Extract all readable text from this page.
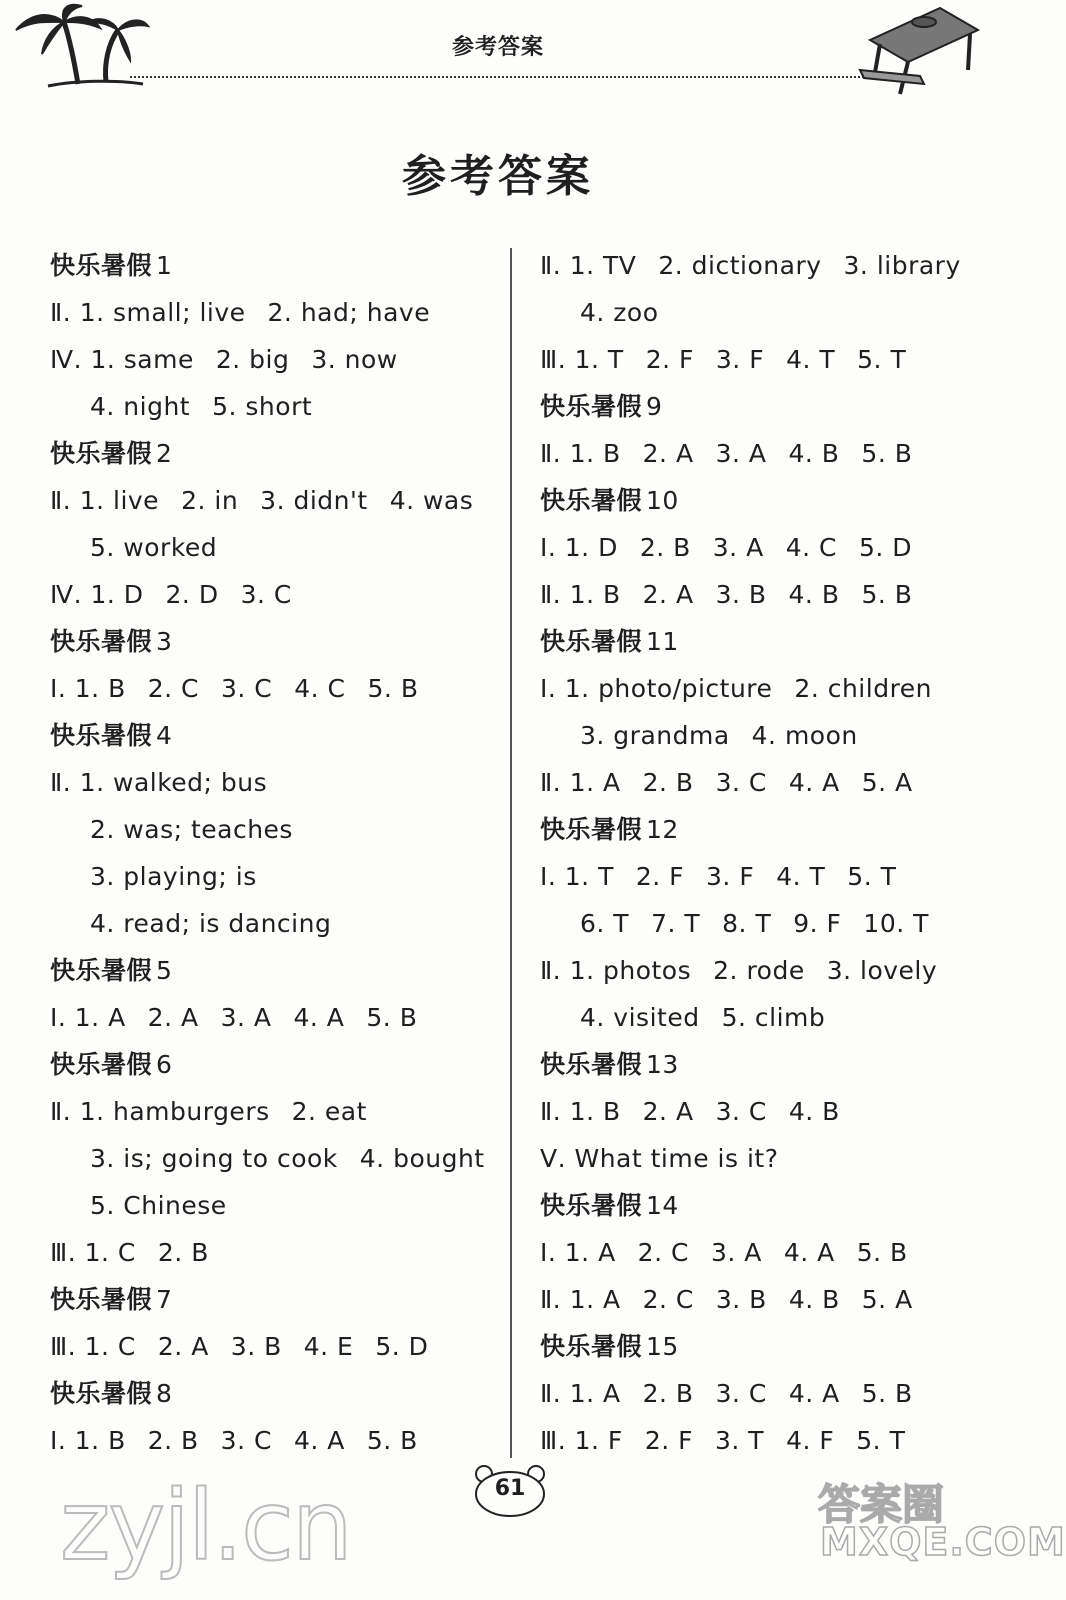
参考答案
参考答案
快乐暑假 1
Ⅱ. 1. small; live 2. had; have
Ⅳ. 1. same 2. big 3. now
4. night 5. short
快乐暑假 2
Ⅱ. 1. live 2. in 3. didn't 4. was
5. worked
Ⅳ. 1. D 2. D 3. C
快乐暑假 3
Ⅰ. 1. B 2. C 3. C 4. C 5. B
快乐暑假 4
Ⅱ. 1. walked; bus
2. was; teaches
3. playing; is
4. read; is dancing
快乐暑假 5
Ⅰ. 1. A 2. A 3. A 4. A 5. B
快乐暑假 6
Ⅱ. 1. hamburgers 2. eat
3. is; going to cook 4. bought
5. Chinese
Ⅲ. 1. C 2. B
快乐暑假 7
Ⅲ. 1. C 2. A 3. B 4. E 5. D
快乐暑假 8
Ⅰ. 1. B 2. B 3. C 4. A 5. B
Ⅱ. 1. TV 2. dictionary 3. library
4. zoo
Ⅲ. 1. T 2. F 3. F 4. T 5. T
快乐暑假 9
Ⅱ. 1. B 2. A 3. A 4. B 5. B
快乐暑假 10
Ⅰ. 1. D 2. B 3. A 4. C 5. D
Ⅱ. 1. B 2. A 3. B 4. B 5. B
快乐暑假 11
Ⅰ. 1. photo/picture 2. children
3. grandma 4. moon
Ⅱ. 1. A 2. B 3. C 4. A 5. A
快乐暑假 12
Ⅰ. 1. T 2. F 3. F 4. T 5. T
6. T 7. T 8. T 9. F 10. T
Ⅱ. 1. photos 2. rode 3. lovely
4. visited 5. climb
快乐暑假 13
Ⅱ. 1. B 2. A 3. C 4. B
Ⅴ. What time is it?
快乐暑假 14
Ⅰ. 1. A 2. C 3. A 4. A 5. B
Ⅱ. 1. A 2. C 3. B 4. B 5. A
快乐暑假 15
Ⅱ. 1. A 2. B 3. C 4. A 5. B
Ⅲ. 1. F 2. F 3. T 4. F 5. T
61
zyjl.cn	答案圈
MXQE.COM
